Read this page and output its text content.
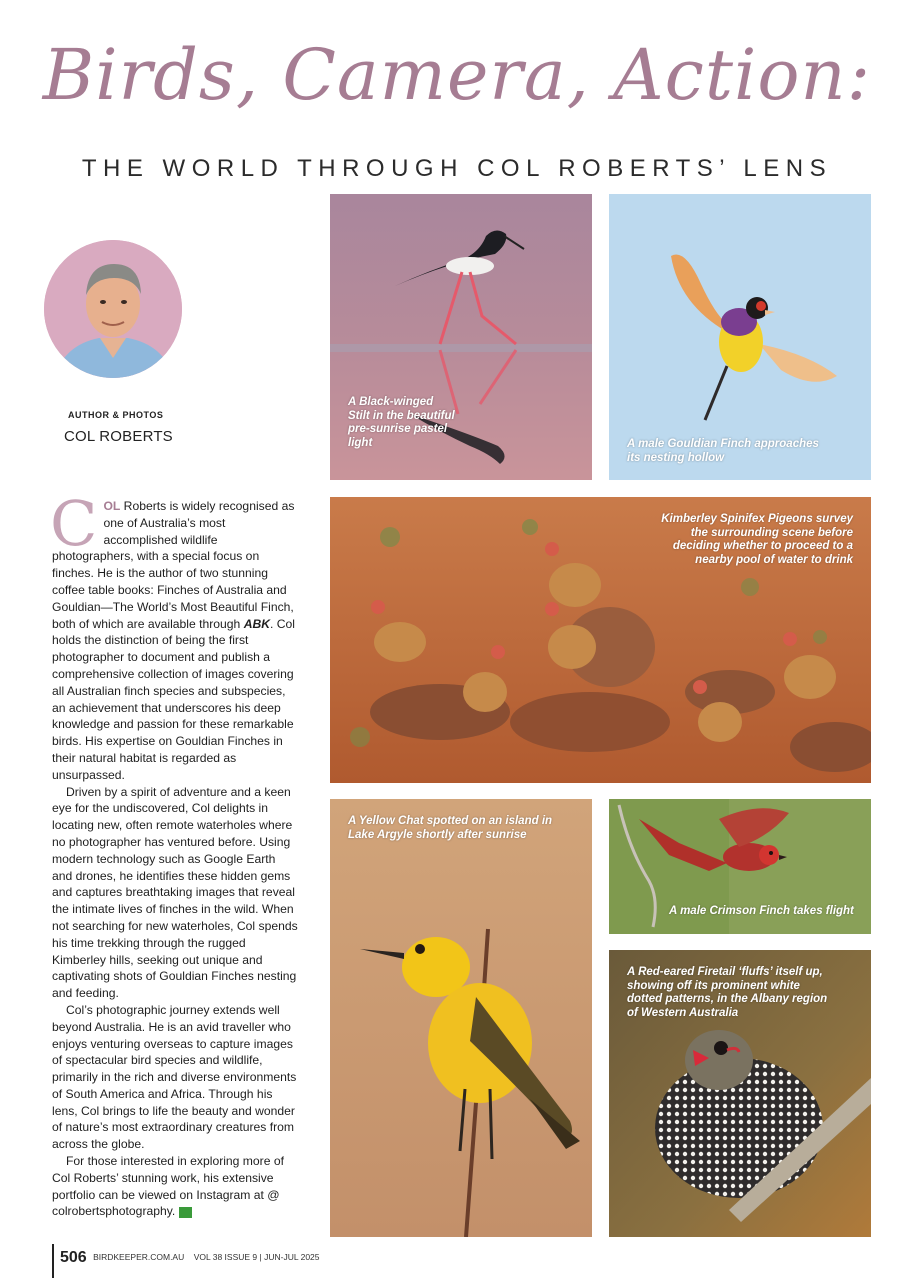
Birds, Camera, Action:
THE WORLD THROUGH COL ROBERTS’ LENS
AUTHOR & PHOTOS
COL ROBERTS

COL Roberts is widely recognised as one of Australia’s most accomplished wildlife photographers, with a special focus on finches. He is the author of two stunning coffee table books: Finches of Australia and Gouldian—The World’s Most Beautiful Finch, both of which are available through ABK. Col holds the distinction of being the first photographer to document and publish a comprehensive collection of images covering all Australian finch species and subspecies, an achievement that underscores his deep knowledge and passion for these remarkable birds. His expertise on Gouldian Finches in their natural habitat is regarded as unsurpassed.

Driven by a spirit of adventure and a keen eye for the undiscovered, Col delights in locating new, often remote waterholes where no photographer has ventured before. Using modern technology such as Google Earth and drones, he identifies these hidden gems and captures breathtaking images that reveal the intimate lives of finches in the wild. When not searching for new waterholes, Col spends his time trekking through the rugged Kimberley hills, seeking out unique and captivating shots of Gouldian Finches nesting and feeding.

Col’s photographic journey extends well beyond Australia. He is an avid traveller who enjoys venturing overseas to capture images of spectacular bird species and wildlife, primarily in the rich and diverse environments of South America and Africa. Through his lens, Col brings to life the beauty and wonder of nature’s most extraordinary creatures from across the globe.

For those interested in exploring more of Col Roberts’ stunning work, his extensive portfolio can be viewed on Instagram at @ colrobertsphotography.	abk

A Black-winged Stilt in the beautiful pre-sunrise pastel light	A male Gouldian Finch approaches its nesting hollow
Kimberley Spinifex Pigeons survey the surrounding scene before deciding whether to proceed to a nearby pool of water to drink
A Yellow Chat spotted on an island in Lake Argyle shortly after sunrise
A male Crimson Finch takes flight
A Red-eared Firetail ‘fluffs’ itself up, showing off its prominent white dotted patterns, in the Albany region of Western Australia
506 BIRDKEEPER.COM.AU VOL 38 ISSUE 9 | JUN-JUL 2025
